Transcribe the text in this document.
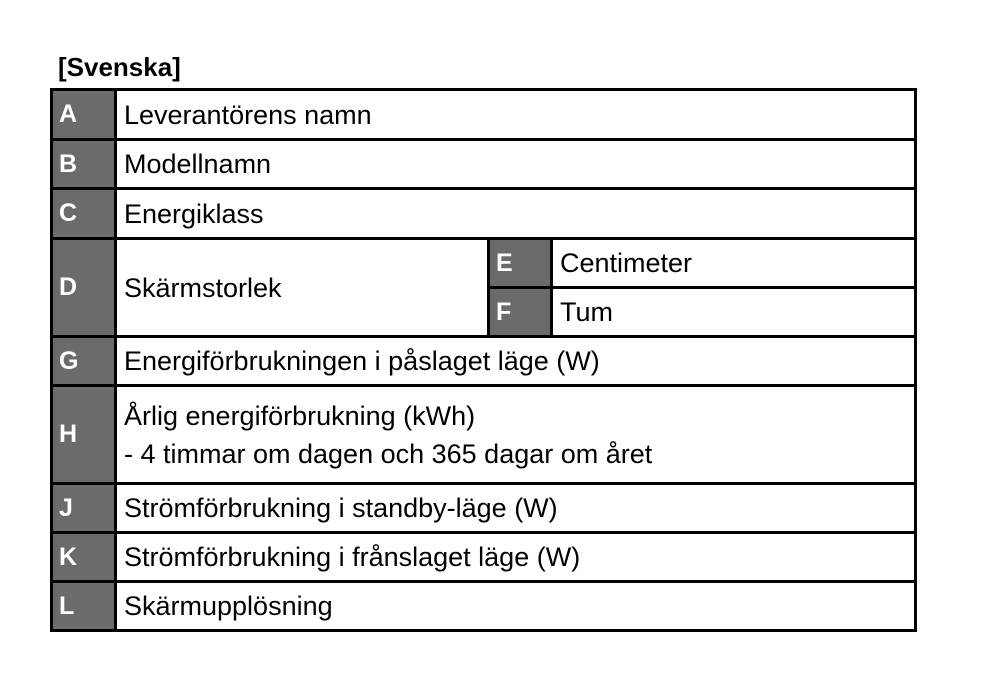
[Svenska]
A	Leverantörens namn		
B	Modellnamn		
C	Energiklass		
D	Skärmstorlek	E	Centimeter
		F	Tum
G	Energiförbrukningen i påslaget läge (W)		
H	Årlig energiförbrukning (kWh)
- 4 timmar om dagen och 365 dagar om året		

J	Strömförbrukning i standby-läge (W)		
K	Strömförbrukning i frånslaget läge (W)		
L	Skärmupplösning		
